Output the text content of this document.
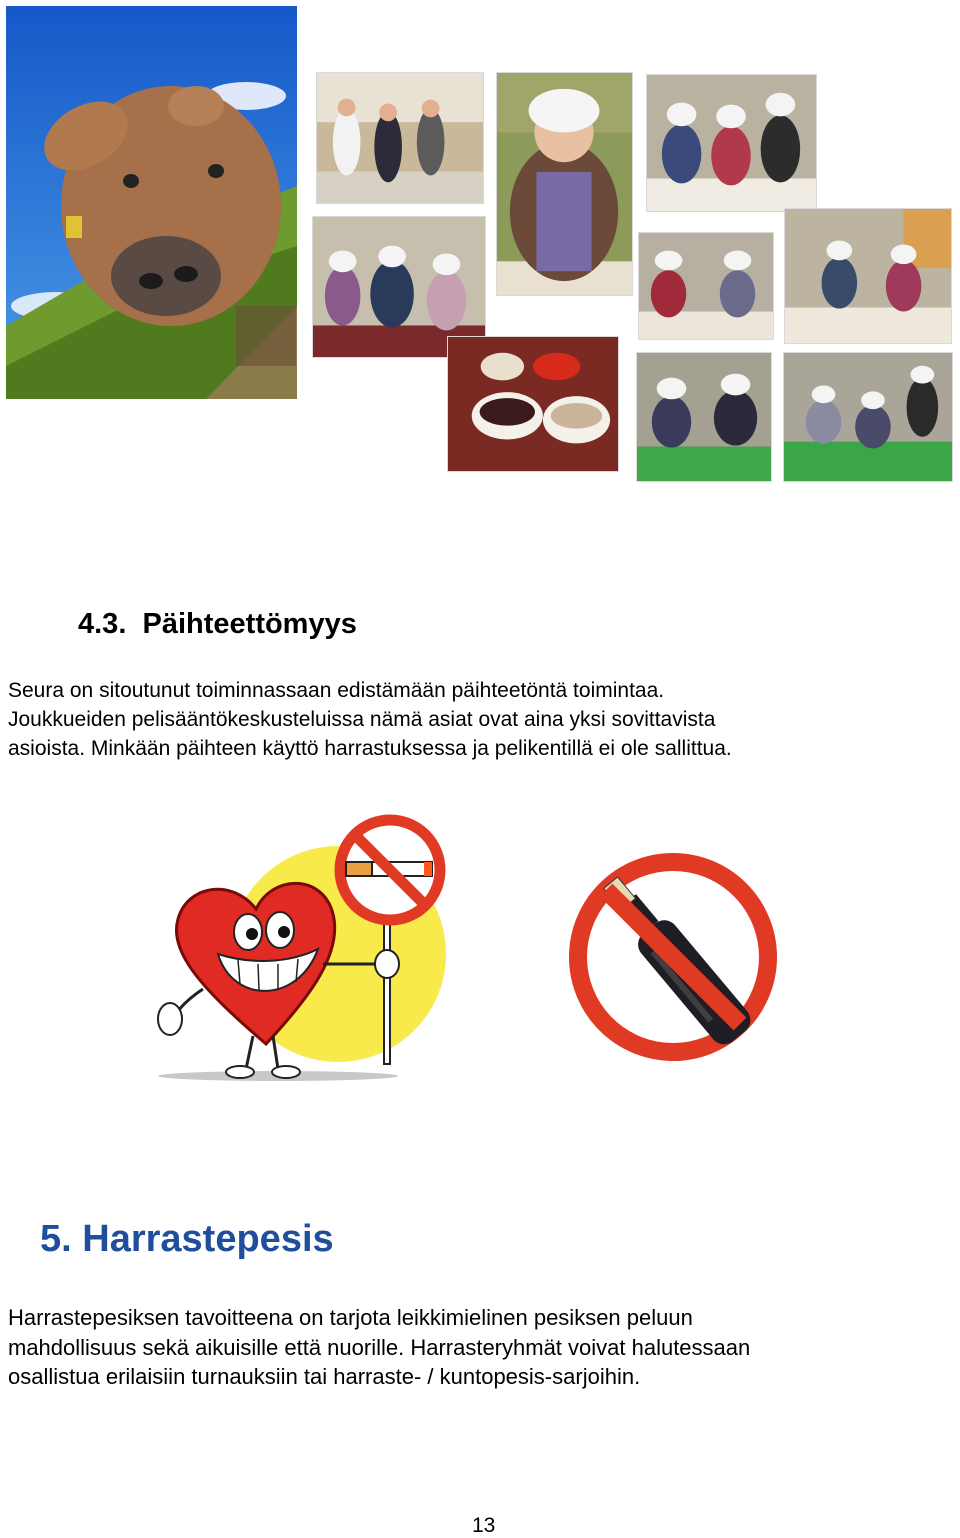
4.3. Päihteettömyys

Seura on sitoutunut toiminnassaan edistämään päihteetöntä toimintaa.

Joukkueiden pelisääntökeskusteluissa nämä asiat ovat aina yksi sovittavista

asioista. Minkään päihteen käyttö harrastuksessa ja pelikentillä ei ole sallittua.

5. Harrastepesis

Harrastepesiksen tavoitteena on tarjota leikkimielinen pesiksen peluun

mahdollisuus sekä aikuisille että nuorille. Harrasteryhmät voivat halutessaan

osallistua erilaisiin turnauksiin tai harraste- / kuntopesis-sarjoihin.

13
